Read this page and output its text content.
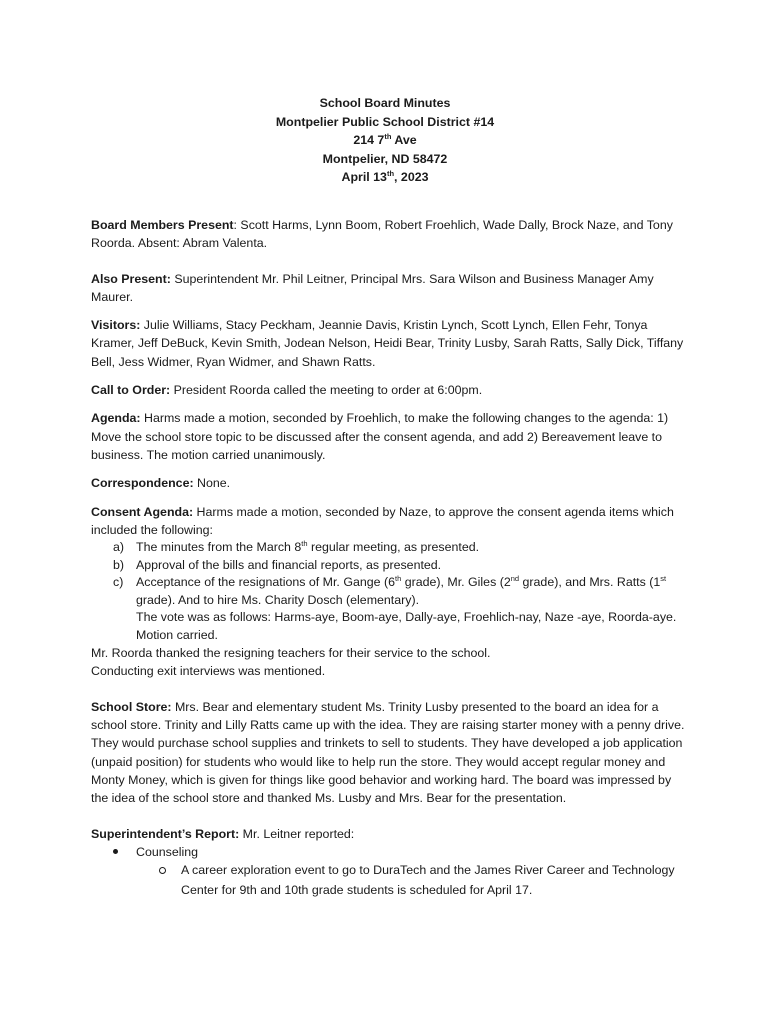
School Board Minutes
Montpelier Public School District #14
214 7th Ave
Montpelier, ND 58472
April 13th, 2023

Board Members Present: Scott Harms, Lynn Boom, Robert Froehlich, Wade Dally, Brock Naze, and Tony Roorda. Absent: Abram Valenta.

Also Present: Superintendent Mr. Phil Leitner, Principal Mrs. Sara Wilson and Business Manager Amy Maurer.

Visitors: Julie Williams, Stacy Peckham, Jeannie Davis, Kristin Lynch, Scott Lynch, Ellen Fehr, Tonya Kramer, Jeff DeBuck, Kevin Smith, Jodean Nelson, Heidi Bear, Trinity Lusby, Sarah Ratts, Sally Dick, Tiffany Bell, Jess Widmer, Ryan Widmer, and Shawn Ratts.

Call to Order: President Roorda called the meeting to order at 6:00pm.

Agenda: Harms made a motion, seconded by Froehlich, to make the following changes to the agenda: 1) Move the school store topic to be discussed after the consent agenda, and add 2) Bereavement leave to business. The motion carried unanimously.

Correspondence: None.

Consent Agenda: Harms made a motion, seconded by Naze, to approve the consent agenda items which included the following:

a) The minutes from the March 8th regular meeting, as presented.
b) Approval of the bills and financial reports, as presented.
c) Acceptance of the resignations of Mr. Gange (6th grade), Mr. Giles (2nd grade), and Mrs. Ratts (1st grade). And to hire Ms. Charity Dosch (elementary).
The vote was as follows: Harms-aye, Boom-aye, Dally-aye, Froehlich-nay, Naze -aye, Roorda-aye. Motion carried.

Mr. Roorda thanked the resigning teachers for their service to the school.

Conducting exit interviews was mentioned.

School Store: Mrs. Bear and elementary student Ms. Trinity Lusby presented to the board an idea for a school store. Trinity and Lilly Ratts came up with the idea. They are raising starter money with a penny drive. They would purchase school supplies and trinkets to sell to students. They have developed a job application (unpaid position) for students who would like to help run the store. They would accept regular money and Monty Money, which is given for things like good behavior and working hard. The board was impressed by the idea of the school store and thanked Ms. Lusby and Mrs. Bear for the presentation.

Superintendent’s Report: Mr. Leitner reported:

Counseling
A career exploration event to go to DuraTech and the James River Career and Technology Center for 9th and 10th grade students is scheduled for April 17.
